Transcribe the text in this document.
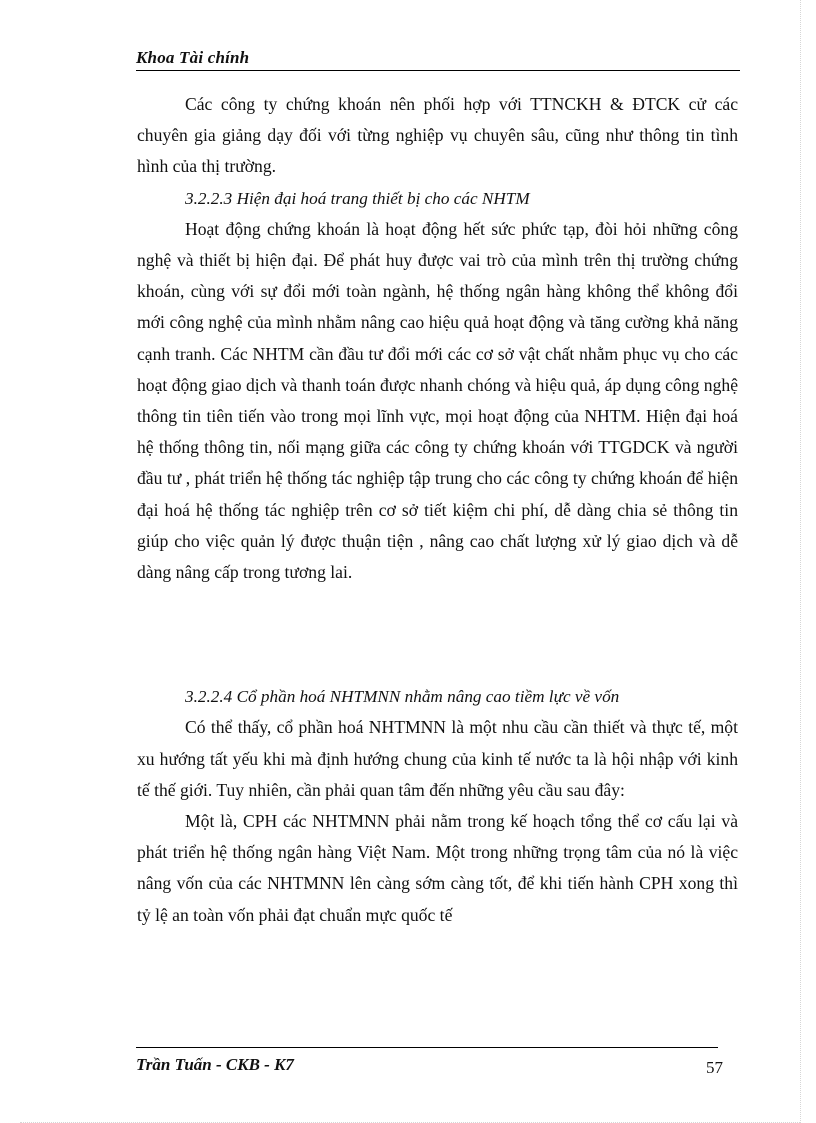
Khoa Tài chính

Các công ty chứng khoán nên phối hợp với TTNCKH & ĐTCK cử các chuyên gia giảng dạy đối với từng nghiệp vụ chuyên sâu, cũng như thông tin tình hình của thị trường.

3.2.2.3 Hiện đại hoá trang thiết bị cho các NHTM

Hoạt động chứng khoán là hoạt động hết sức phức tạp, đòi hỏi những công nghệ và thiết bị hiện đại. Để phát huy được vai trò của mình trên thị trường chứng khoán, cùng với sự đổi mới toàn ngành, hệ thống ngân hàng không thể không đổi mới công nghệ của mình nhằm nâng cao hiệu quả hoạt động và tăng cường khả năng cạnh tranh. Các NHTM cần đầu tư đổi mới các cơ sở vật chất nhằm phục vụ cho các hoạt động giao dịch và thanh toán được nhanh chóng và hiệu quả, áp dụng công nghệ thông tin tiên tiến vào trong mọi lĩnh vực, mọi hoạt động của NHTM. Hiện đại hoá hệ thống thông tin, nối mạng giữa các công ty chứng khoán với TTGDCK và người đầu tư , phát triển hệ thống tác nghiệp tập trung cho các công ty chứng khoán để hiện đại hoá hệ thống tác nghiệp trên cơ sở tiết kiệm chi phí, dễ dàng chia sẻ thông tin giúp cho việc quản lý được thuận tiện , nâng cao chất lượng xử lý giao dịch và dễ dàng nâng cấp trong tương lai.

3.2.2.4 Cổ phần hoá NHTMNN nhằm nâng cao tiềm lực về vốn

Có thể thấy, cổ phần hoá NHTMNN là một nhu cầu cần thiết và thực tế, một xu hướng tất yếu khi mà định hướng chung của kinh tế nước ta là hội nhập với kinh tế thế giới. Tuy nhiên, cần phải quan tâm đến những yêu cầu sau đây:

Một là, CPH các NHTMNN phải nằm trong kế hoạch tổng thể cơ cấu lại và phát triển hệ thống ngân hàng Việt Nam. Một trong những trọng tâm của nó là việc nâng vốn của các NHTMNN lên càng sớm càng tốt, để khi tiến hành CPH xong thì tỷ lệ an toàn vốn phải đạt chuẩn mực quốc tế

Trần Tuấn - CKB - K7	57
